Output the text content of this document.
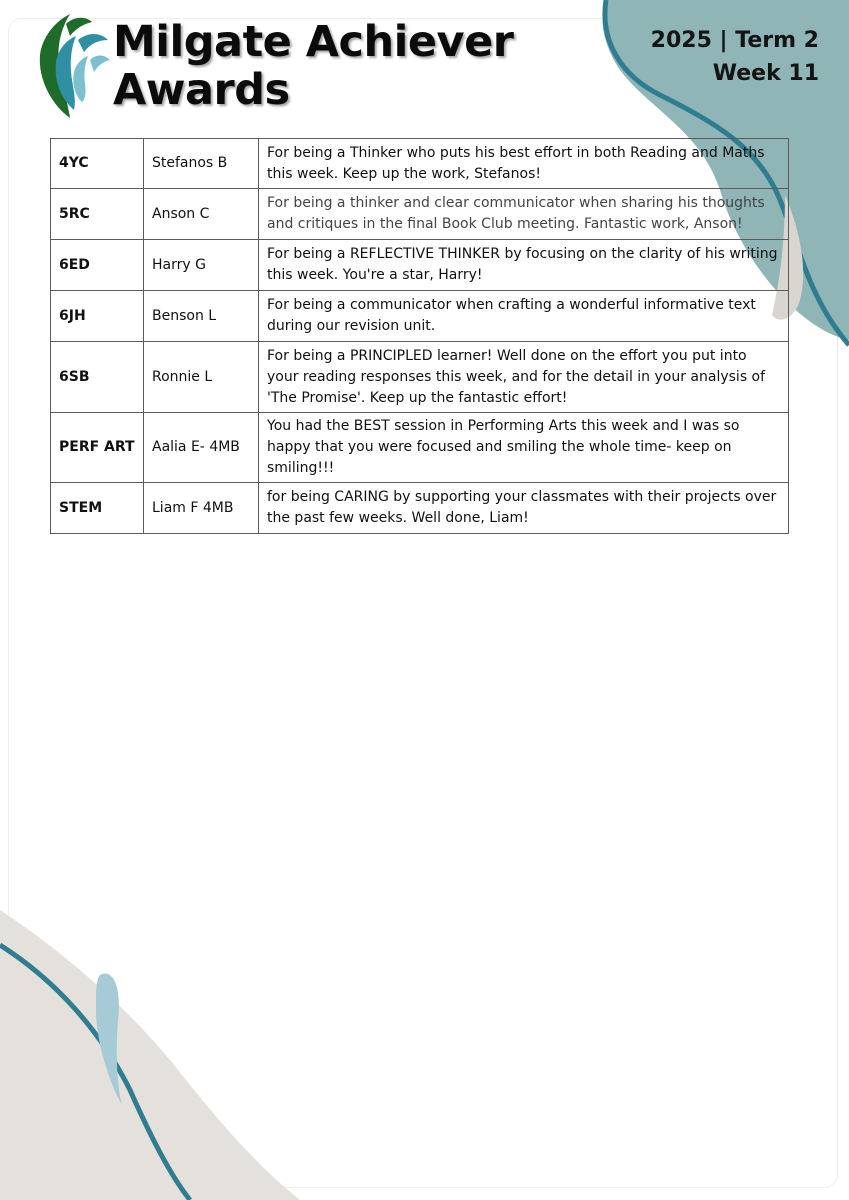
Milgate Achiever
Awards
2025 | Term 2
Week 11
4YC	Stefanos B	For being a Thinker who puts his best effort in both Reading and Maths this week. Keep up the work, Stefanos!
5RC	Anson C	For being a thinker and clear communicator when sharing his thoughts and critiques in the final Book Club meeting. Fantastic work, Anson!
6ED	Harry G	For being a REFLECTIVE THINKER by focusing on the clarity of his writing this week. You're a star, Harry!
6JH	Benson L	For being a communicator when crafting a wonderful informative text during our revision unit.
6SB	Ronnie L	For being a PRINCIPLED learner! Well done on the effort you put into your reading responses this week, and for the detail in your analysis of 'The Promise'. Keep up the fantastic effort!
PERF ART	Aalia E- 4MB	You had the BEST session in Performing Arts this week and I was so happy that you were focused and smiling the whole time- keep on smiling!!!
STEM	Liam F 4MB	for being CARING by supporting your classmates with their projects over the past few weeks. Well done, Liam!
